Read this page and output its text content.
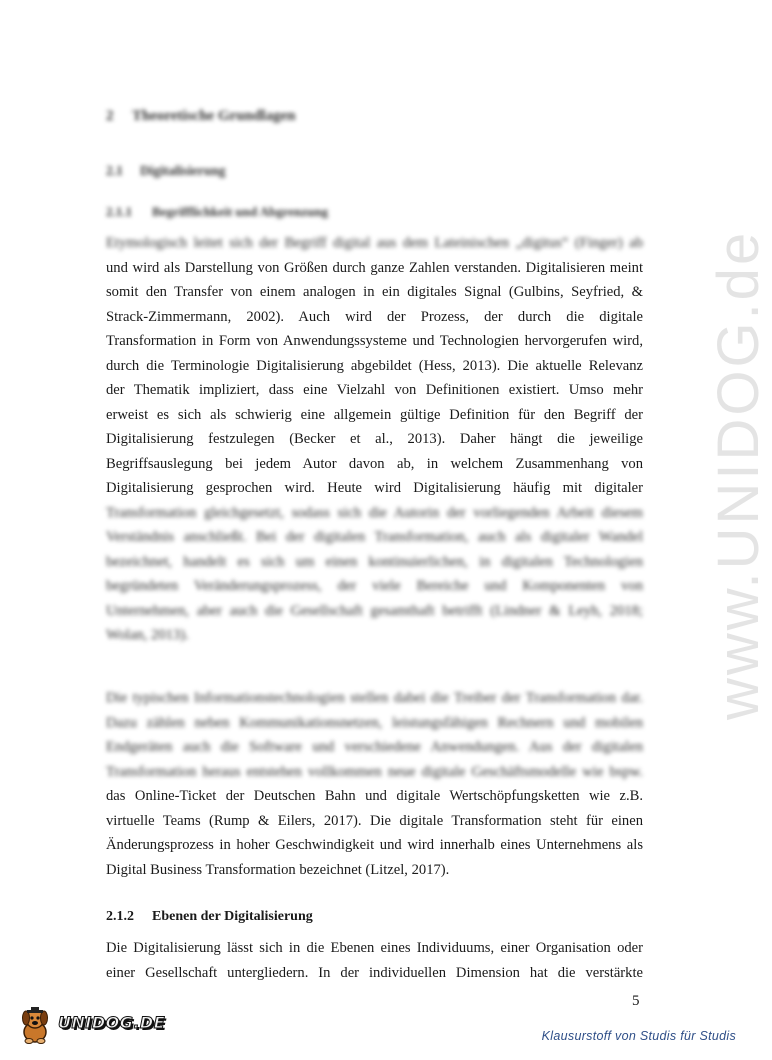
www.UNIDOG.de
2 Theoretische Grundlagen
2.1 Digitalisierung
2.1.1 Begrifflichkeit und Abgrenzung
Etymologisch leitet sich der Begriff digital aus dem Lateinischen „digitus“ (Finger) ab
und wird als Darstellung von Größen durch ganze Zahlen verstanden. Digitalisieren meint
somit den Transfer von einem analogen in ein digitales Signal (Gulbins, Seyfried, &
Strack-Zimmermann, 2002). Auch wird der Prozess, der durch die digitale
Transformation in Form von Anwendungssysteme und Technologien hervorgerufen wird,
durch die Terminologie Digitalisierung abgebildet (Hess, 2013). Die aktuelle Relevanz
der Thematik impliziert, dass eine Vielzahl von Definitionen existiert. Umso mehr
erweist es sich als schwierig eine allgemein gültige Definition für den Begriff der
Digitalisierung festzulegen (Becker et al., 2013). Daher hängt die jeweilige
Begriffsauslegung bei jedem Autor davon ab, in welchem Zusammenhang von
Digitalisierung gesprochen wird. Heute wird Digitalisierung häufig mit digitaler
Transformation gleichgesetzt, sodass sich die Autorin der vorliegenden Arbeit diesem
Verständnis anschließt. Bei der digitalen Transformation, auch als digitaler Wandel
bezeichnet, handelt es sich um einen kontinuierlichen, in digitalen Technologien
begründeten Veränderungsprozess, der viele Bereiche und Komponenten von
Unternehmen, aber auch die Gesellschaft gesamthaft betrifft (Lindner & Leyh, 2018;
Wolan, 2013).
Die typischen Informationstechnologien stellen dabei die Treiber der Transformation dar.
Dazu zählen neben Kommunikationsnetzen, leistungsfähigen Rechnern und mobilen
Endgeräten auch die Software und verschiedene Anwendungen. Aus der digitalen
Transformation heraus entstehen vollkommen neue digitale Geschäftsmodelle wie bspw.
das Online-Ticket der Deutschen Bahn und digitale Wertschöpfungsketten wie z.B.
virtuelle Teams (Rump & Eilers, 2017). Die digitale Transformation steht für einen
Änderungsprozess in hoher Geschwindigkeit und wird innerhalb eines Unternehmens als
Digital Business Transformation bezeichnet (Litzel, 2017).
2.1.2 Ebenen der Digitalisierung
Die Digitalisierung lässt sich in die Ebenen eines Individuums, einer Organisation oder
einer Gesellschaft untergliedern. In der individuellen Dimension hat die verstärkte
5
UNIDOG.DE
Klausurstoff von Studis für Studis
